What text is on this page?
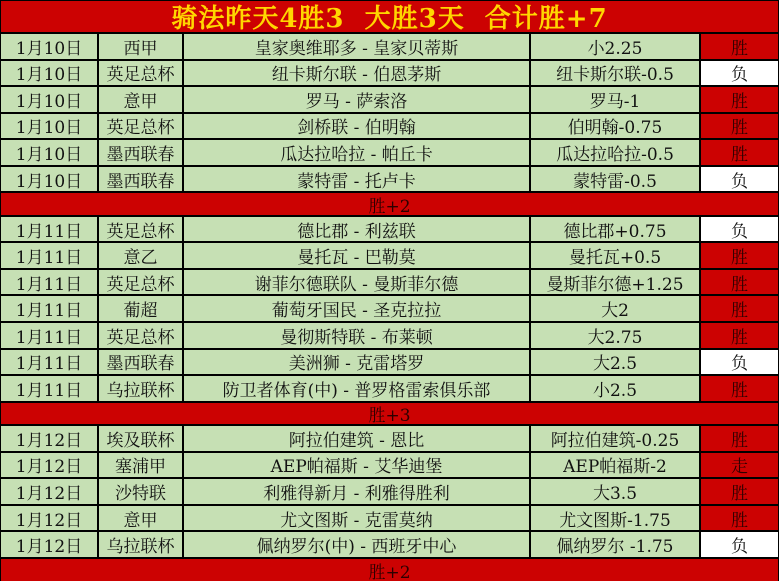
骑法昨天4胜3  大胜3天  合计胜+7
1月10日	西甲	皇家奥维耶多 - 皇家贝蒂斯	小2.25	胜
1月10日	英足总杯	纽卡斯尔联 - 伯恩茅斯	纽卡斯尔联-0.5	负
1月10日	意甲	罗马 - 萨索洛	罗马-1	胜
1月10日	英足总杯	剑桥联 - 伯明翰	伯明翰-0.75	胜
1月10日	墨西联春	瓜达拉哈拉 - 帕丘卡	瓜达拉哈拉-0.5	胜
1月10日	墨西联春	蒙特雷 - 托卢卡	蒙特雷-0.5	负
胜+2
1月11日	英足总杯	德比郡 - 利兹联	德比郡+0.75	负
1月11日	意乙	曼托瓦 - 巴勒莫	曼托瓦+0.5	胜
1月11日	英足总杯	谢菲尔德联队 - 曼斯菲尔德	曼斯菲尔德+1.25	胜
1月11日	葡超	葡萄牙国民 - 圣克拉拉	大2	胜
1月11日	英足总杯	曼彻斯特联 - 布莱顿	大2.75	胜
1月11日	墨西联春	美洲狮 - 克雷塔罗	大2.5	负
1月11日	乌拉联杯	防卫者体育(中) - 普罗格雷索俱乐部	小2.5	胜
胜+3
1月12日	埃及联杯	阿拉伯建筑 - 恩比	阿拉伯建筑-0.25	胜
1月12日	塞浦甲	AEP帕福斯 - 艾华迪堡	AEP帕福斯-2	走
1月12日	沙特联	利雅得新月 - 利雅得胜利	大3.5	胜
1月12日	意甲	尤文图斯 - 克雷莫纳	尤文图斯-1.75	胜
1月12日	乌拉联杯	佩纳罗尔(中) - 西班牙中心	佩纳罗尔 -1.75	负
胜+2
